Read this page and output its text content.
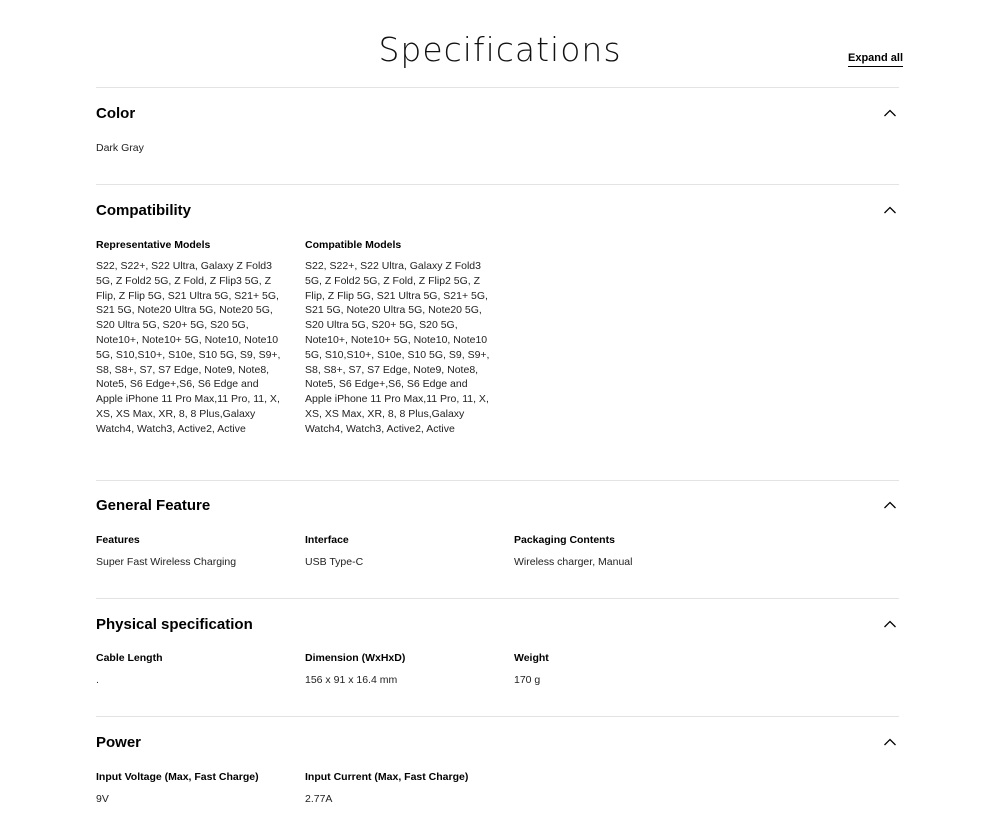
Specifications	Expand all
Color
Dark Gray
Compatibility
Representative Models
S22, S22+, S22 Ultra, Galaxy Z Fold3 5G, Z Fold2 5G, Z Fold, Z Flip3 5G, Z Flip, Z Flip 5G, S21 Ultra 5G, S21+ 5G, S21 5G, Note20 Ultra 5G, Note20 5G, S20 Ultra 5G, S20+ 5G, S20 5G, Note10+, Note10+ 5G, Note10, Note10 5G, S10,S10+, S10e, S10 5G, S9, S9+, S8, S8+, S7, S7 Edge, Note9, Note8, Note5, S6 Edge+,S6, S6 Edge and Apple iPhone 11 Pro Max,11 Pro, 11, X, XS, XS Max, XR, 8, 8 Plus,Galaxy Watch4, Watch3, Active2, Active
Compatible Models
S22, S22+, S22 Ultra, Galaxy Z Fold3 5G, Z Fold2 5G, Z Fold, Z Flip2 5G, Z Flip, Z Flip 5G, S21 Ultra 5G, S21+ 5G, S21 5G, Note20 Ultra 5G, Note20 5G, S20 Ultra 5G, S20+ 5G, S20 5G, Note10+, Note10+ 5G, Note10, Note10 5G, S10,S10+, S10e, S10 5G, S9, S9+, S8, S8+, S7, S7 Edge, Note9, Note8, Note5, S6 Edge+,S6, S6 Edge and Apple iPhone 11 Pro Max,11 Pro, 11, X, XS, XS Max, XR, 8, 8 Plus,Galaxy Watch4, Watch3, Active2, Active
General Feature
Features
Super Fast Wireless Charging
Interface
USB Type-C
Packaging Contents
Wireless charger, Manual
Physical specification
Cable Length
.
Dimension (WxHxD)
156 x 91 x 16.4 mm
Weight
170 g
Power
Input Voltage (Max, Fast Charge)
9V
Input Current (Max, Fast Charge)
2.77A
